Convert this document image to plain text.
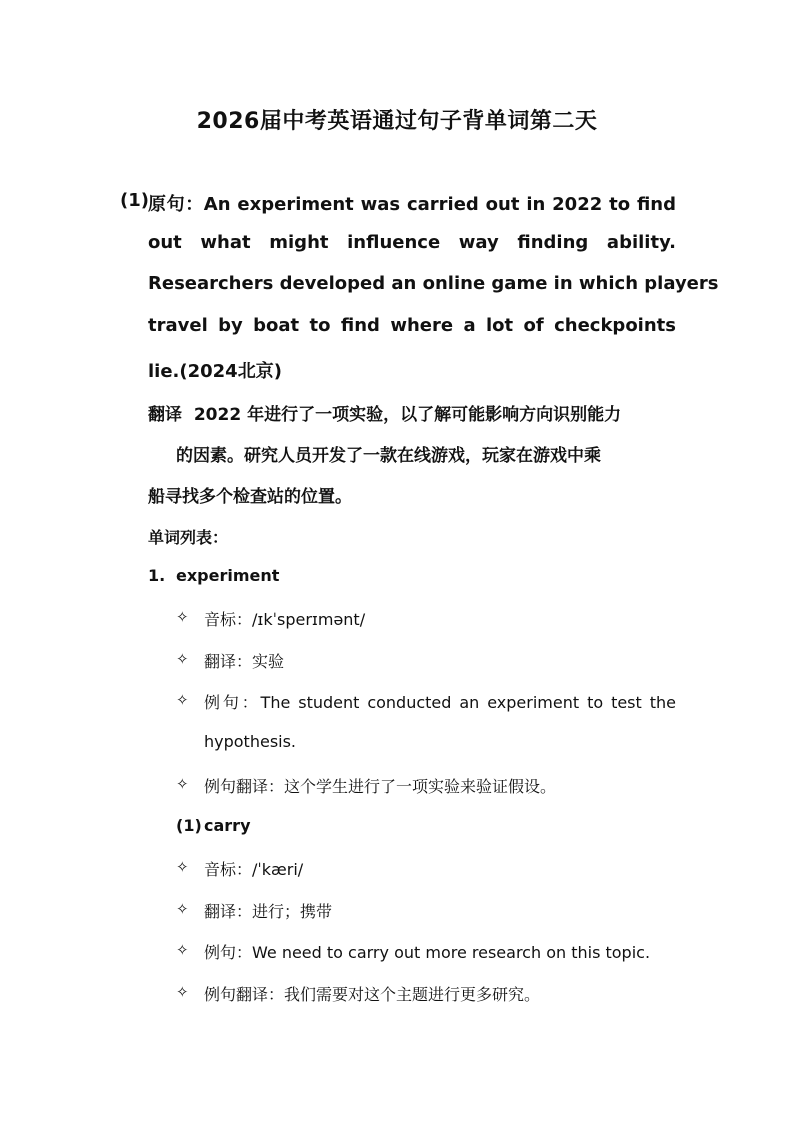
2026届中考英语通过句子背单词第二天
(1) 原句：An experiment was carried out in 2022 to find
out what might influence way finding ability.
Researchers developed an online game in which players
travel by boat to find where a lot of checkpoints
lie.(2024北京)
翻译 2022 年进行了一项实验，以了解可能影响方向识别能力
的因素。研究人员开发了一款在线游戏，玩家在游戏中乘
船寻找多个检查站的位置。
单词列表：
1. experiment
✧ 音标：/ɪkˈsperɪmənt/
✧ 翻译：实验
✧ 例句：The student conducted an experiment to test the
hypothesis.
✧ 例句翻译：这个学生进行了一项实验来验证假设。
(1) carry
✧ 音标：/ˈkæri/
✧ 翻译：进行；携带
✧ 例句：We need to carry out more research on this topic.
✧ 例句翻译：我们需要对这个主题进行更多研究。
